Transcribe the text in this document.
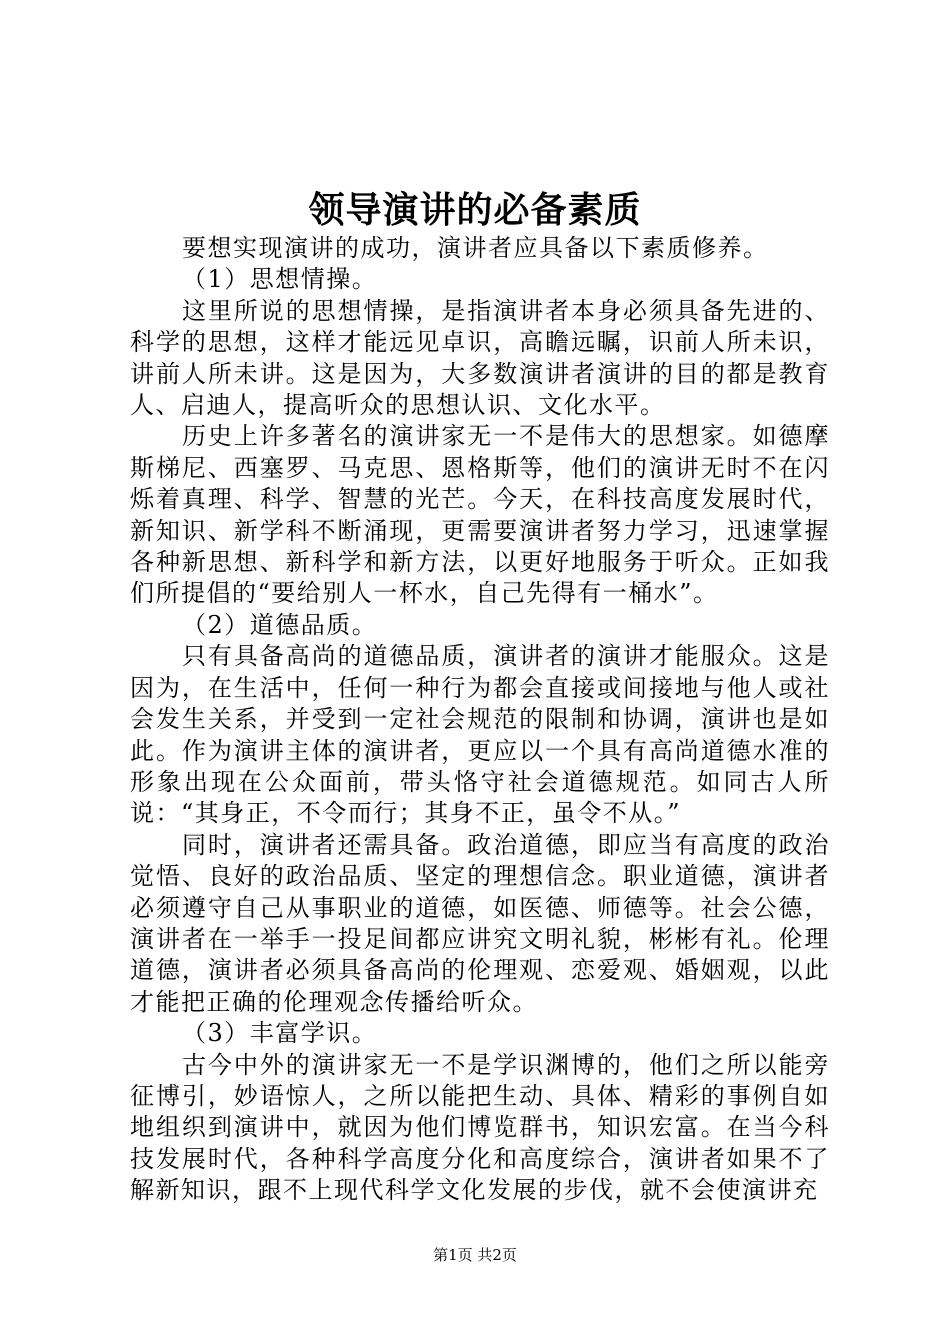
领导演讲的必备素质

要想实现演讲的成功，演讲者应具备以下素质修养。

（1）思想情操。

这里所说的思想情操，是指演讲者本身必须具备先进的、科学的思想，这样才能远见卓识，高瞻远瞩，识前人所未识，讲前人所未讲。这是因为，大多数演讲者演讲的目的都是教育人、启迪人，提高听众的思想认识、文化水平。

历史上许多著名的演讲家无一不是伟大的思想家。如德摩斯梯尼、西塞罗、马克思、恩格斯等，他们的演讲无时不在闪烁着真理、科学、智慧的光芒。今天，在科技高度发展时代，新知识、新学科不断涌现，更需要演讲者努力学习，迅速掌握各种新思想、新科学和新方法，以更好地服务于听众。正如我们所提倡的“要给别人一杯水，自己先得有一桶水”。

（2）道德品质。

只有具备高尚的道德品质，演讲者的演讲才能服众。这是因为，在生活中，任何一种行为都会直接或间接地与他人或社会发生关系，并受到一定社会规范的限制和协调，演讲也是如此。作为演讲主体的演讲者，更应以一个具有高尚道德水准的形象出现在公众面前，带头恪守社会道德规范。如同古人所说：“其身正，不令而行；其身不正，虽令不从。”

同时，演讲者还需具备。政治道德，即应当有高度的政治觉悟、良好的政治品质、坚定的理想信念。职业道德，演讲者必须遵守自己从事职业的道德，如医德、师德等。社会公德，演讲者在一举手一投足间都应讲究文明礼貌，彬彬有礼。伦理道德，演讲者必须具备高尚的伦理观、恋爱观、婚姻观，以此才能把正确的伦理观念传播给听众。

（3）丰富学识。

古今中外的演讲家无一不是学识渊博的，他们之所以能旁征博引，妙语惊人，之所以能把生动、具体、精彩的事例自如地组织到演讲中，就因为他们博览群书，知识宏富。在当今科技发展时代，各种科学高度分化和高度综合，演讲者如果不了解新知识，跟不上现代科学文化发展的步伐，就不会使演讲充

第1页 共2页
